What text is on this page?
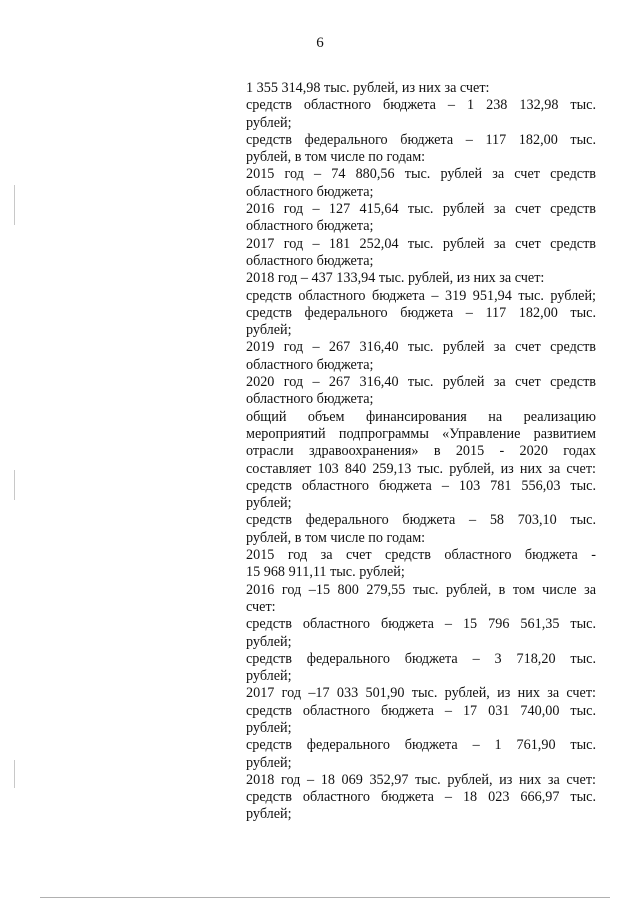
6
1 355 314,98 тыс. рублей, из них за счет:
средств областного бюджета – 1 238 132,98 тыс.
рублей;
средств федерального бюджета – 117 182,00 тыс.
рублей, в том числе по годам:
2015 год – 74 880,56 тыс. рублей за счет средств
областного бюджета;
2016 год – 127 415,64 тыс. рублей за счет средств
областного бюджета;
2017 год – 181 252,04 тыс. рублей за счет средств
областного бюджета;
2018 год – 437 133,94 тыс. рублей, из них за счет:
средств областного бюджета – 319 951,94 тыс. рублей;
средств федерального бюджета – 117 182,00 тыс.
рублей;
2019 год – 267 316,40 тыс. рублей за счет средств
областного бюджета;
2020 год – 267 316,40 тыс. рублей за счет средств
областного бюджета;
общий объем финансирования на реализацию
мероприятий подпрограммы «Управление развитием
отрасли здравоохранения» в 2015 - 2020 годах
составляет 103 840 259,13 тыс. рублей, из них за счет:
средств областного бюджета – 103 781 556,03 тыс.
рублей;
средств федерального бюджета – 58 703,10 тыс.
рублей, в том числе по годам:
2015 год за счет средств областного бюджета -
15 968 911,11 тыс. рублей;
2016 год –15 800 279,55 тыс. рублей, в том числе за
счет:
средств областного бюджета – 15 796 561,35 тыс.
рублей;
средств федерального бюджета – 3 718,20 тыс.
рублей;
2017 год –17 033 501,90 тыс. рублей, из них за счет:
средств областного бюджета – 17 031 740,00 тыс.
рублей;
средств федерального бюджета – 1 761,90 тыс.
рублей;
2018 год – 18 069 352,97 тыс. рублей, из них за счет:
средств областного бюджета – 18 023 666,97 тыс.
рублей;
